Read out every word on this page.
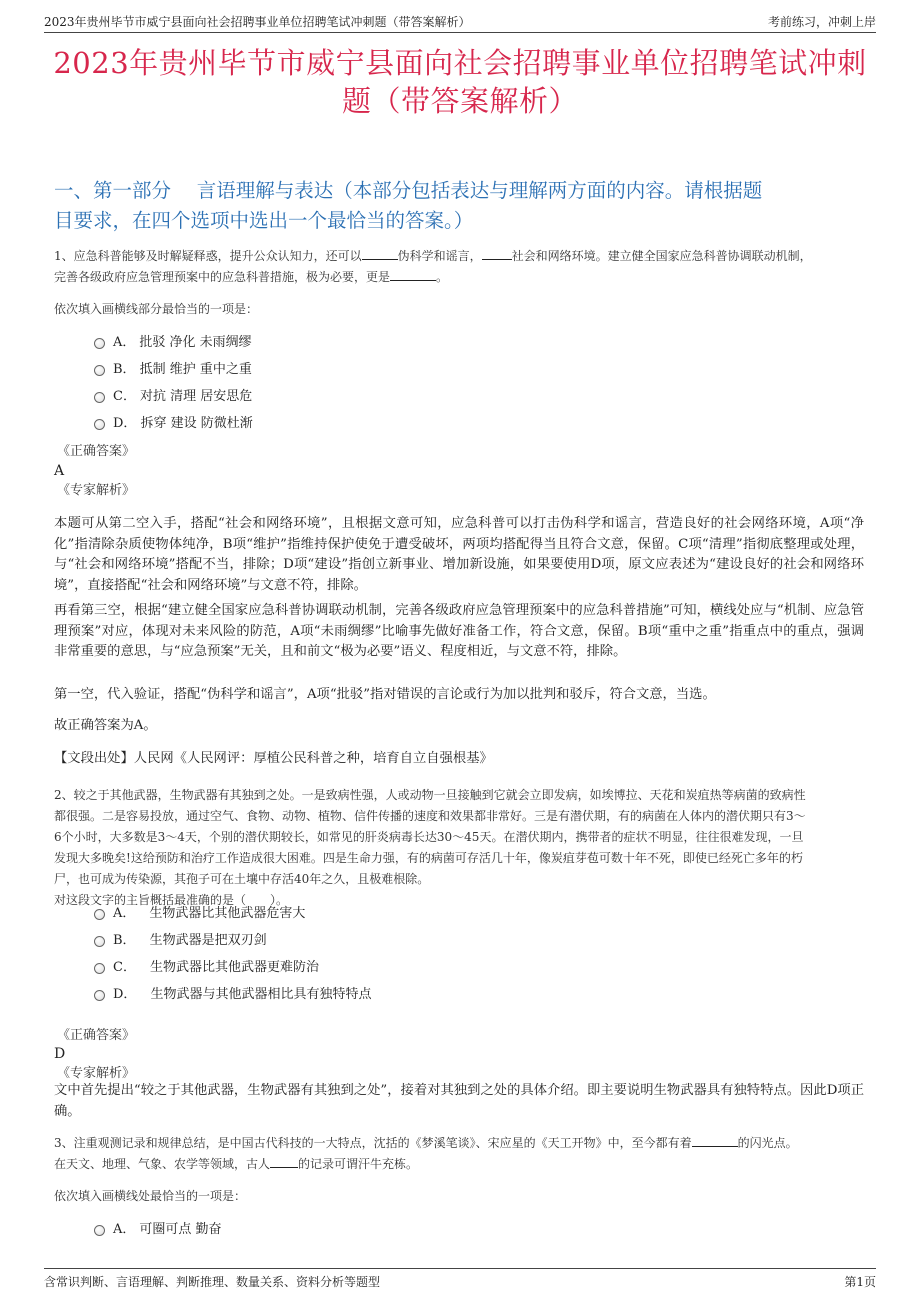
2023年贵州毕节市威宁县面向社会招聘事业单位招聘笔试冲刺题（带答案解析）	考前练习，冲刺上岸
2023年贵州毕节市威宁县面向社会招聘事业单位招聘笔试冲刺
题（带答案解析）
一、第一部分　 言语理解与表达（本部分包括表达与理解两方面的内容。请根据题
目要求，在四个选项中选出一个最恰当的答案。）
1、应急科普能够及时解疑释惑，提升公众认知力，还可以	伪科学和谣言，	社会和网络环境。建立健全国家应急科普协调联动机制，
完善各级政府应急管理预案中的应急科普措施，极为必要，更是	。
依次填入画横线部分最恰当的一项是：
A． 批驳 净化 未雨绸缪
B． 抵制 维护 重中之重
C． 对抗 清理 居安思危
D． 拆穿 建设 防微杜渐
《正确答案》
A
《专家解析》
本题可从第二空入手，搭配“社会和网络环境”，且根据文意可知，应急科普可以打击伪科学和谣言，营造良好的社会网络环境，A项“净化”指清除杂质使物体纯净，B项“维护”指维持保护使免于遭受破坏，两项均搭配得当且符合文意，保留。C项“清理”指彻底整理或处理，与“社会和网络环境”搭配不当，排除；D项“建设”指创立新事业、增加新设施，如果要使用D项，原文应表述为“建设良好的社会和网络环境”，直接搭配“社会和网络环境”与文意不符，排除。
再看第三空，根据“建立健全国家应急科普协调联动机制，完善各级政府应急管理预案中的应急科普措施”可知，横线处应与“机制、应急管理预案”对应，体现对未来风险的防范，A项“未雨绸缪”比喻事先做好准备工作，符合文意，保留。B项“重中之重”指重点中的重点，强调非常重要的意思，与“应急预案”无关，且和前文“极为必要”语义、程度相近，与文意不符，排除。
第一空，代入验证，搭配“伪科学和谣言”，A项“批驳”指对错误的言论或行为加以批判和驳斥，符合文意，当选。
故正确答案为A。
【文段出处】人民网《人民网评：厚植公民科普之种，培育自立自强根基》
2、较之于其他武器，生物武器有其独到之处。一是致病性强，人或动物一旦接触到它就会立即发病，如埃博拉、天花和炭疽热等病菌的致病性
都很强。二是容易投放，通过空气、食物、动物、植物、信件传播的速度和效果都非常好。三是有潜伏期，有的病菌在人体内的潜伏期只有3～
6个小时，大多数是3～4天，个别的潜伏期较长，如常见的肝炎病毒长达30～45天。在潜伏期内，携带者的症状不明显，往往很难发现，一旦
发现大多晚矣!这给预防和治疗工作造成很大困难。四是生命力强，有的病菌可存活几十年，像炭疽芽苞可数十年不死，即使已经死亡多年的朽
尸，也可成为传染源，其孢子可在土壤中存活40年之久，且极难根除。
对这段文字的主旨概括最准确的是（　　）。
A． 生物武器比其他武器危害大
B． 生物武器是把双刃剑
C． 生物武器比其他武器更难防治
D． 生物武器与其他武器相比具有独特特点
《正确答案》
D
《专家解析》
文中首先提出“较之于其他武器，生物武器有其独到之处”，接着对其独到之处的具体介绍。即主要说明生物武器具有独特特点。因此D项正确。
3、注重观测记录和规律总结，是中国古代科技的一大特点，沈括的《梦溪笔谈》、宋应星的《天工开物》中，至今都有着	的闪光点。
在天文、地理、气象、农学等领域，古人 的记录可谓汗牛充栋。
依次填入画横线处最恰当的一项是：
A． 可圈可点 勤奋
含常识判断、言语理解、判断推理、数量关系、资料分析等题型	第1页
